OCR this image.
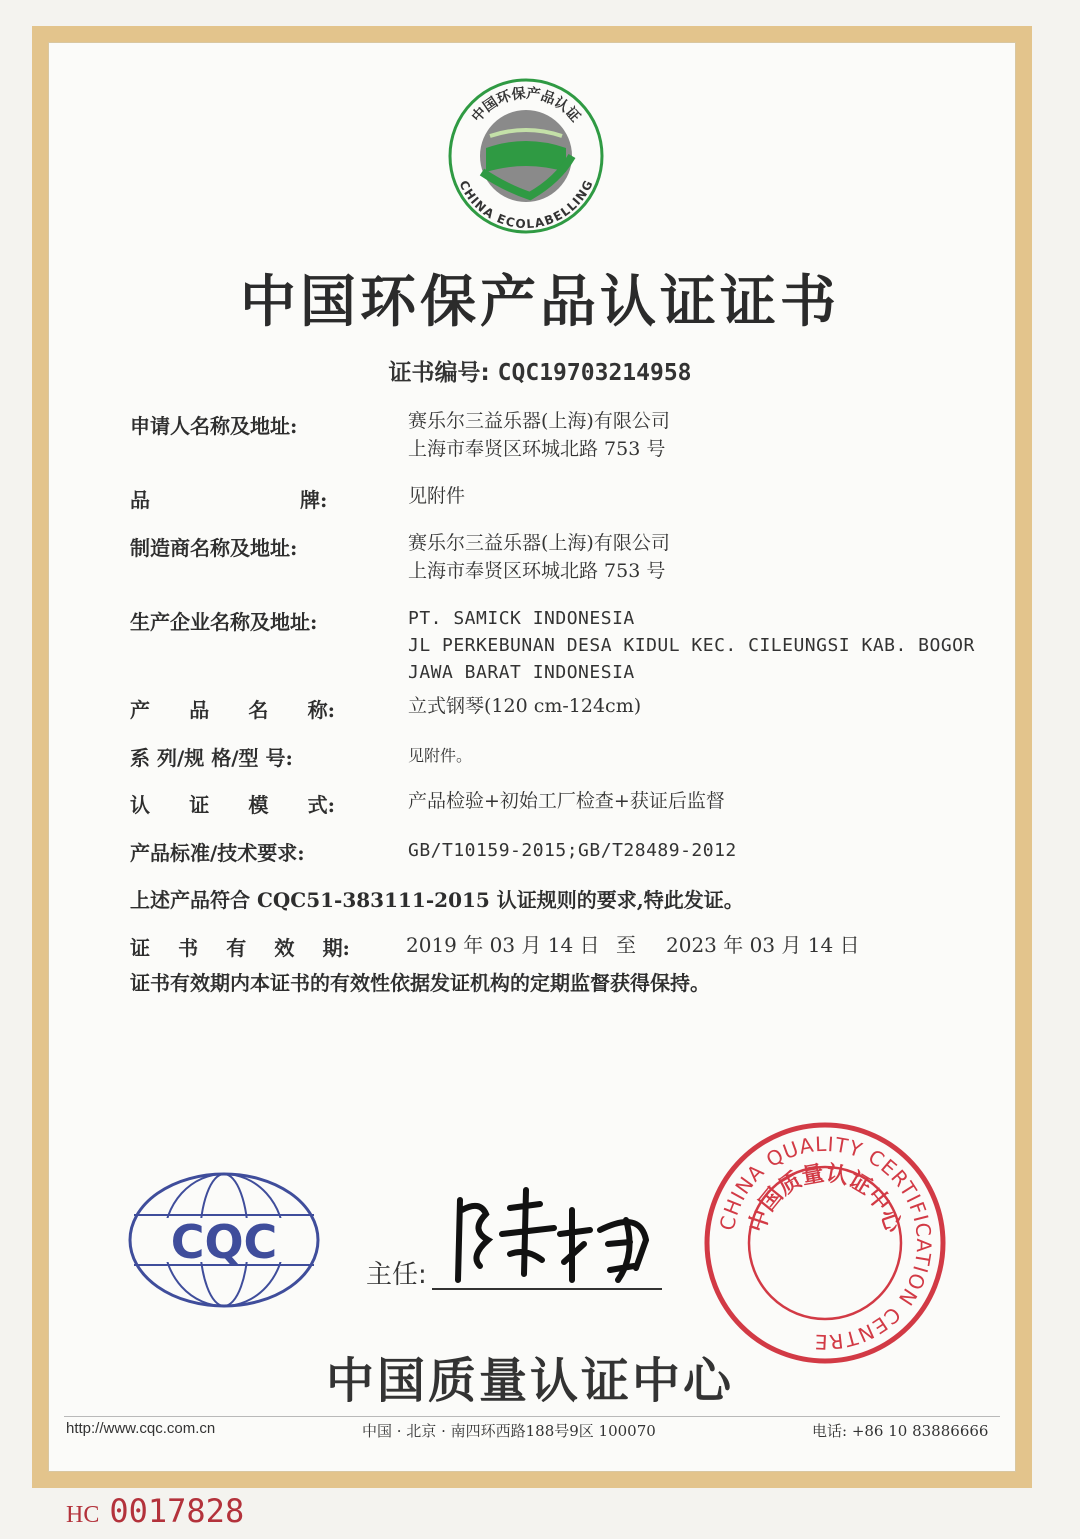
中国环保产品认证
CHINA ECOLABELLING
中国环保产品认证证书
证书编号: CQC19703214958
申请人名称及地址:	赛乐尔三益乐器(上海)有限公司
上海市奉贤区环城北路 753 号
品	牌:	见附件
制造商名称及地址:	赛乐尔三益乐器(上海)有限公司
上海市奉贤区环城北路 753 号
生产企业名称及地址:	PT. SAMICK INDONESIA
JL PERKEBUNAN DESA KIDUL KEC. CILEUNGSI KAB. BOGOR
JAWA BARAT INDONESIA
产 品 名 称:	立式钢琴(120 cm-124cm)
系 列/规 格/型 号:	见附件。
认 证 模 式:	产品检验+初始工厂检查+获证后监督
产品标准/技术要求:	GB/T10159-2015;GB/T28489-2012
上述产品符合 CQC51-383111-2015 认证规则的要求,特此发证。
证 书 有 效 期:	2019 年 03 月 14 日 至	2023 年 03 月 14 日
证书有效期内本证书的有效性依据发证机构的定期监督获得保持。
CQC
主任:
CHINA QUALITY CERTIFICATION CENTRE
中国质量认证中心
中国质量认证中心
http://www.cqc.com.cn	中国 · 北京 · 南四环西路188号9区 100070	电话: +86 10 83886666
HC 0017828
